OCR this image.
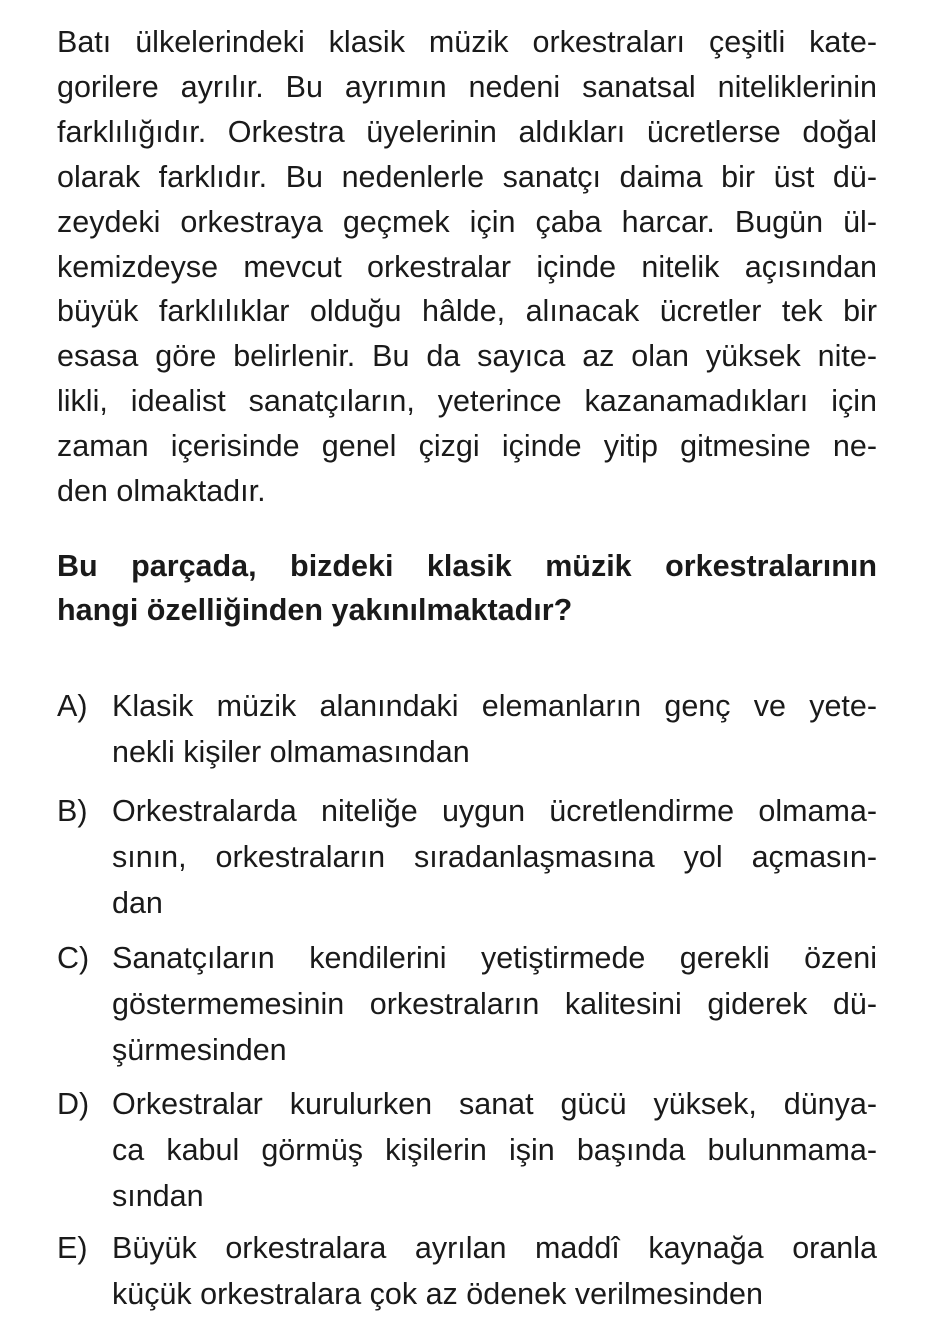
Batı ülkelerindeki klasik müzik orkestraları çeşitli kate-
gorilere ayrılır. Bu ayrımın nedeni sanatsal niteliklerinin
farklılığıdır. Orkestra üyelerinin aldıkları ücretlerse doğal
olarak farklıdır. Bu nedenlerle sanatçı daima bir üst dü-
zeydeki orkestraya geçmek için çaba harcar. Bugün ül-
kemizdeyse mevcut orkestralar içinde nitelik açısından
büyük farklılıklar olduğu hâlde, alınacak ücretler tek bir
esasa göre belirlenir. Bu da sayıca az olan yüksek nite-
likli, idealist sanatçıların, yeterince kazanamadıkları için
zaman içerisinde genel çizgi içinde yitip gitmesine ne-
den olmaktadır.
Bu parçada, bizdeki klasik müzik orkestralarının
hangi özelliğinden yakınılmaktadır?
A) Klasik müzik alanındaki elemanların genç ve yete-
nekli kişiler olmamasından
B) Orkestralarda niteliğe uygun ücretlendirme olmama-
sının, orkestraların sıradanlaşmasına yol açmasın-
dan
C) Sanatçıların kendilerini yetiştirmede gerekli özeni
göstermemesinin orkestraların kalitesini giderek dü-
şürmesinden
D) Orkestralar kurulurken sanat gücü yüksek, dünya-
ca kabul görmüş kişilerin işin başında bulunmama-
sından
E) Büyük orkestralara ayrılan maddî kaynağa oranla
küçük orkestralara çok az ödenek verilmesinden
